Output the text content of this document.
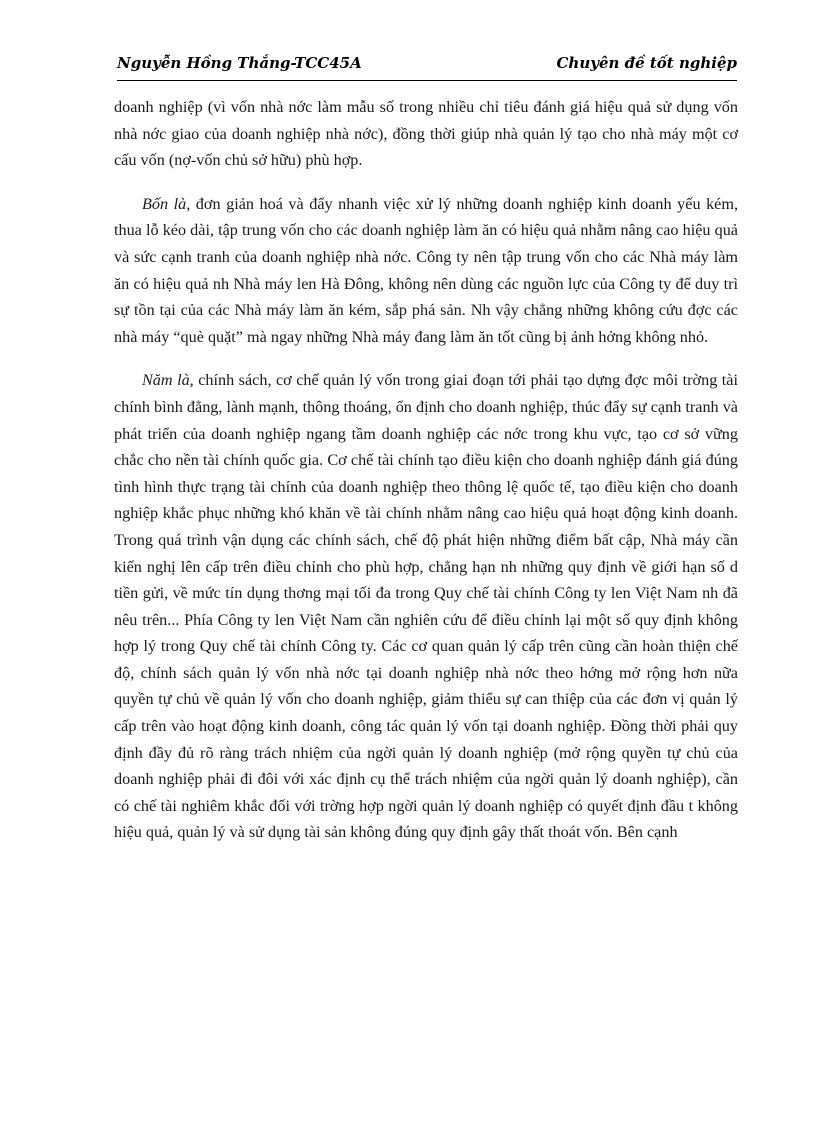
Nguyễn Hồng Thắng-TCC45A	Chuyên đề tốt nghiệp

doanh nghiệp (vì vốn nhà nớc làm mẫu số trong nhiều chỉ tiêu đánh giá hiệu quả sử dụng vốn nhà nớc giao của doanh nghiệp nhà nớc), đồng thời giúp nhà quản lý tạo cho nhà máy một cơ cấu vốn (nợ-vốn chủ sở hữu) phù hợp.

Bốn là, đơn giản hoá và đẩy nhanh việc xử lý những doanh nghiệp kinh doanh yếu kém, thua lỗ kéo dài, tập trung vốn cho các doanh nghiệp làm ăn có hiệu quả nhằm nâng cao hiệu quả và sức cạnh tranh của doanh nghiệp nhà nớc. Công ty nên tập trung vốn cho các Nhà máy làm ăn có hiệu quả nh Nhà máy len Hà Đông, không nên dùng các nguồn lực của Công ty để duy trì sự tồn tại của các Nhà máy làm ăn kém, sắp phá sản. Nh vậy chẳng những không cứu đợc các nhà máy “què quặt” mà ngay những Nhà máy đang làm ăn tốt cũng bị ảnh hởng không nhỏ.

Năm là, chính sách, cơ chế quản lý vốn trong giai đoạn tới phải tạo dựng đợc môi trờng tài chính bình đẳng, lành mạnh, thông thoáng, ổn định cho doanh nghiệp, thúc đẩy sự cạnh tranh và phát triển của doanh nghiệp ngang tầm doanh nghiệp các nớc trong khu vực, tạo cơ sở vững chắc cho nền tài chính quốc gia. Cơ chế tài chính tạo điều kiện cho doanh nghiệp đánh giá đúng tình hình thực trạng tài chính của doanh nghiệp theo thông lệ quốc tế, tạo điều kiện cho doanh nghiệp khắc phục những khó khăn về tài chính nhằm nâng cao hiệu quả hoạt động kinh doanh. Trong quá trình vận dụng các chính sách, chế độ phát hiện những điểm bất cập, Nhà máy cần kiến nghị lên cấp trên điều chỉnh cho phù hợp, chẳng hạn nh những quy định về giới hạn số d tiền gửi, về mức tín dụng thơng mại tối đa trong Quy chế tài chính Công ty len Việt Nam nh đã nêu trên... Phía Công ty len Việt Nam cần nghiên cứu để điều chỉnh lại một số quy định không hợp lý trong Quy chế tài chính Công ty. Các cơ quan quản lý cấp trên cũng cần hoàn thiện chế độ, chính sách quản lý vốn nhà nớc tại doanh nghiệp nhà nớc theo hớng mở rộng hơn nữa quyền tự chủ về quản lý vốn cho doanh nghiệp, giảm thiểu sự can thiệp của các đơn vị quản lý cấp trên vào hoạt động kinh doanh, công tác quản lý vốn tại doanh nghiệp. Đồng thời phải quy định đầy đủ rõ ràng trách nhiệm của ngời quản lý doanh nghiệp (mở rộng quyền tự chủ của doanh nghiệp phải đi đôi với xác định cụ thể trách nhiệm của ngời quản lý doanh nghiệp), cần có chế tài nghiêm khắc đối với trờng hợp ngời quản lý doanh nghiệp có quyết định đầu t không hiệu quả, quản lý và sử dụng tài sản không đúng quy định gây thất thoát vốn. Bên cạnh
